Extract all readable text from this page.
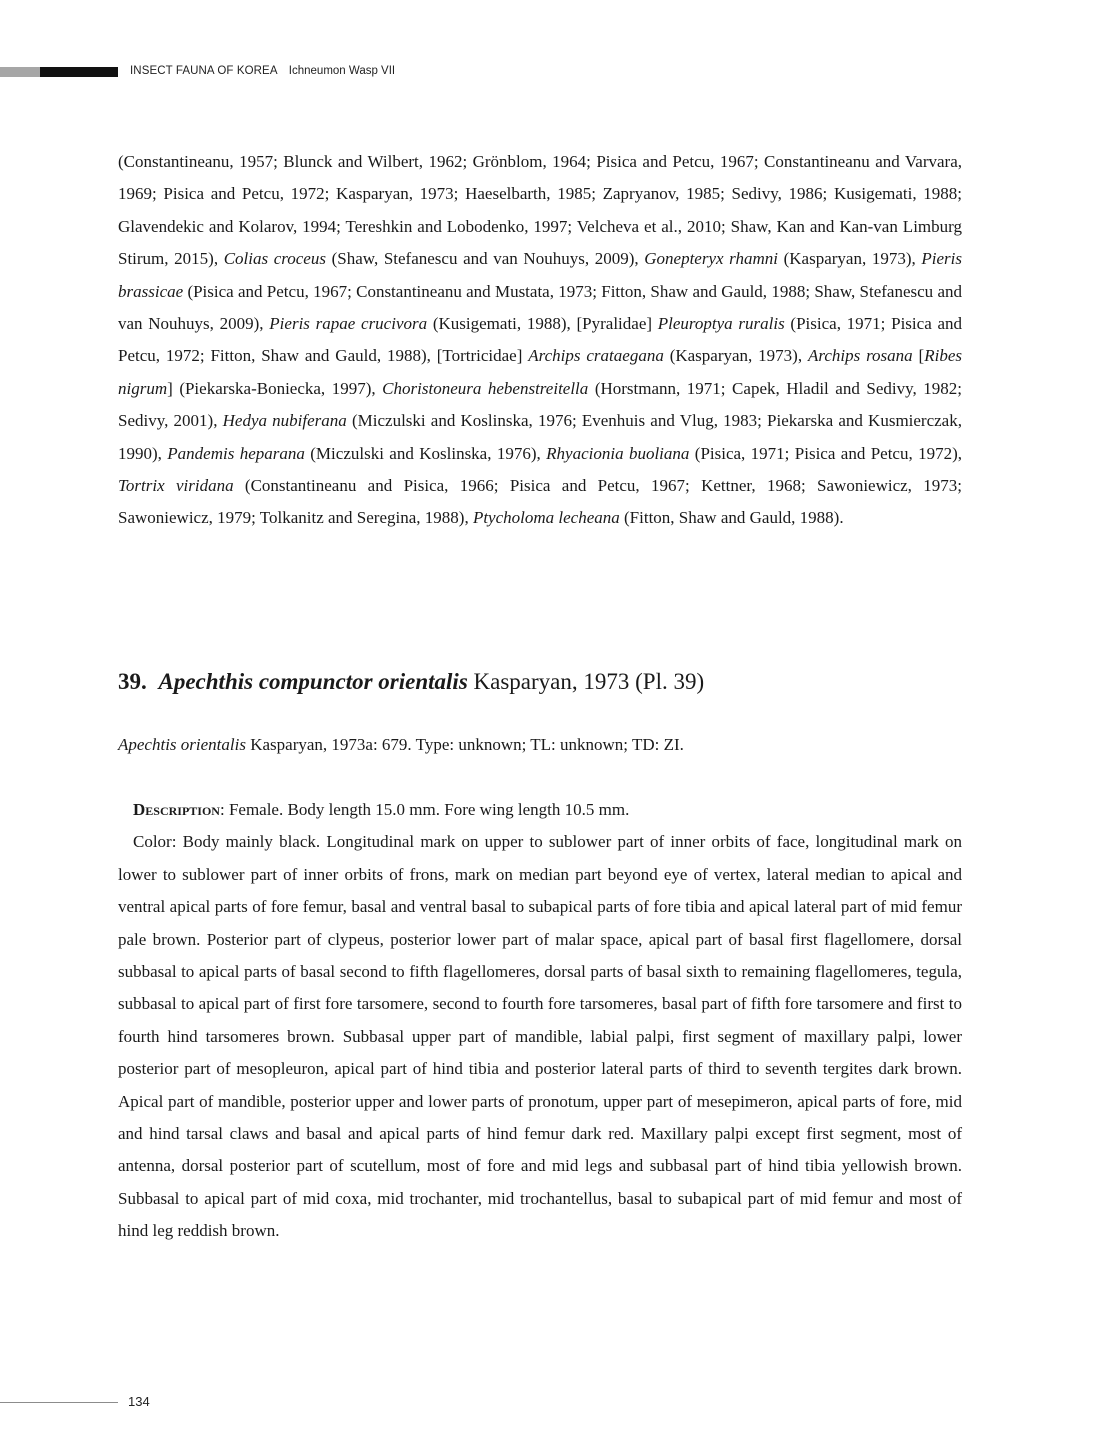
INSECT FAUNA OF KOREA Ichneumon Wasp VII

(Constantineanu, 1957; Blunck and Wilbert, 1962; Grönblom, 1964; Pisica and Petcu, 1967; Constantineanu and Varvara, 1969; Pisica and Petcu, 1972; Kasparyan, 1973; Haeselbarth, 1985; Zapryanov, 1985; Sedivy, 1986; Kusigemati, 1988; Glavendekic and Kolarov, 1994; Tereshkin and Lobodenko, 1997; Velcheva et al., 2010; Shaw, Kan and Kan-van Limburg Stirum, 2015), Colias croceus (Shaw, Stefanescu and van Nouhuys, 2009), Gonepteryx rhamni (Kasparyan, 1973), Pieris brassicae (Pisica and Petcu, 1967; Constantineanu and Mustata, 1973; Fitton, Shaw and Gauld, 1988; Shaw, Stefanescu and van Nouhuys, 2009), Pieris rapae crucivora (Kusigemati, 1988), [Pyralidae] Pleuroptya ruralis (Pisica, 1971; Pisica and Petcu, 1972; Fitton, Shaw and Gauld, 1988), [Tortricidae] Archips crataegana (Kasparyan, 1973), Archips rosana [Ribes nigrum] (Piekarska-Boniecka, 1997), Choristoneura hebenstreitella (Horstmann, 1971; Capek, Hladil and Sedivy, 1982; Sedivy, 2001), Hedya nubiferana (Miczulski and Koslinska, 1976; Evenhuis and Vlug, 1983; Piekarska and Kusmierczak, 1990), Pandemis heparana (Miczulski and Koslinska, 1976), Rhyacionia buoliana (Pisica, 1971; Pisica and Petcu, 1972), Tortrix viridana (Constantineanu and Pisica, 1966; Pisica and Petcu, 1967; Kettner, 1968; Sawoniewicz, 1973; Sawoniewicz, 1979; Tolkanitz and Seregina, 1988), Ptycholoma lecheana (Fitton, Shaw and Gauld, 1988).

39. Apechthis compunctor orientalis Kasparyan, 1973 (Pl. 39)
Apechtis orientalis Kasparyan, 1973a: 679. Type: unknown; TL: unknown; TD: ZI.

Description: Female. Body length 15.0 mm. Fore wing length 10.5 mm.

Color: Body mainly black. Longitudinal mark on upper to sublower part of inner orbits of face, longitudinal mark on lower to sublower part of inner orbits of frons, mark on median part beyond eye of vertex, lateral median to apical and ventral apical parts of fore femur, basal and ventral basal to subapical parts of fore tibia and apical lateral part of mid femur pale brown. Posterior part of clypeus, posterior lower part of malar space, apical part of basal first flagellomere, dorsal subbasal to apical parts of basal second to fifth flagellomeres, dorsal parts of basal sixth to remaining flagellomeres, tegula, subbasal to apical part of first fore tarsomere, second to fourth fore tarsomeres, basal part of fifth fore tarsomere and first to fourth hind tarsomeres brown. Subbasal upper part of mandible, labial palpi, first segment of maxillary palpi, lower posterior part of mesopleuron, apical part of hind tibia and posterior lateral parts of third to seventh tergites dark brown. Apical part of mandible, posterior upper and lower parts of pronotum, upper part of mesepimeron, apical parts of fore, mid and hind tarsal claws and basal and apical parts of hind femur dark red. Maxillary palpi except first segment, most of antenna, dorsal posterior part of scutellum, most of fore and mid legs and subbasal part of hind tibia yellowish brown. Subbasal to apical part of mid coxa, mid trochanter, mid trochantellus, basal to subapical part of mid femur and most of hind leg reddish brown.

134
